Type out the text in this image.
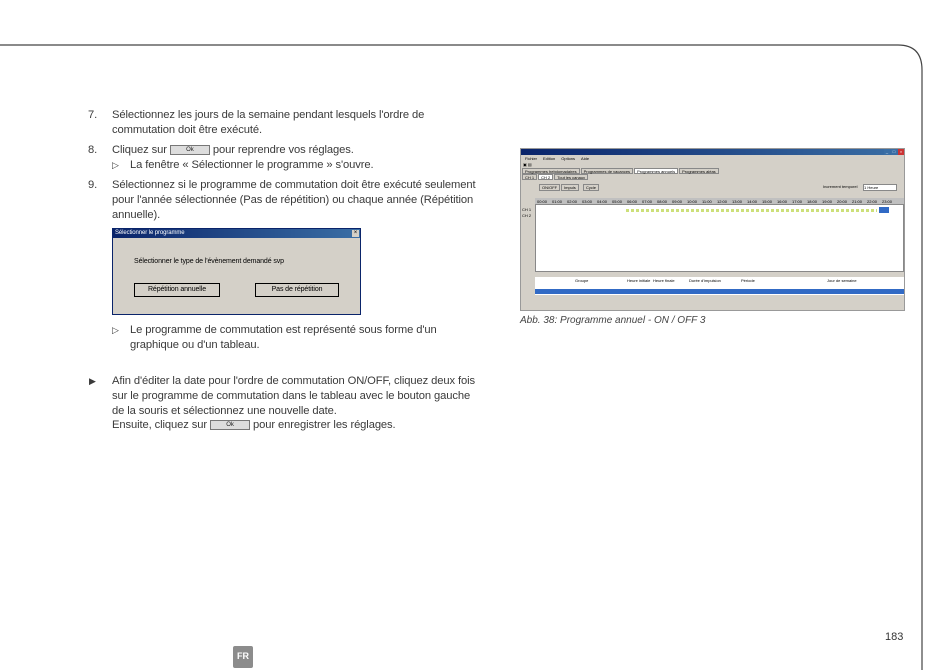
7. Sélectionnez les jours de la semaine pendant lesquels l'ordre de commutation doit être exécuté.
8. Cliquez sur	Ok pour reprendre vos réglages.
▷ La fenêtre « Sélectionner le programme » s'ouvre.
9. Sélectionnez si le programme de commutation doit être exécuté seulement pour l'année sélectionnée (Pas de répétition) ou chaque année (Répétition annuelle).
Sélectionner le programme	×
Sélectionner le type de l'évènement demandé svp
Répétition annuelle	Pas de répétition
▷ Le programme de commutation est représenté sous forme d'un graphique ou d'un tableau.
▶ Afin d'éditer la date pour l'ordre de commutation ON/OFF, cliquez deux fois sur le programme de commutation dans le tableau avec le bouton gauche de la souris et sélectionnez une nouvelle date.
Ensuite, cliquez sur	Ok pour enregistrer les réglages.
_	□	×
Fichier Edition Options Aide
▣ ▤
Programmes hebdomadaires	Programmes de vacances	Programmes annuels	Programmes aléas
CH 1	CH 2	Tout les canaux
ON/OFF	Impuls	Cycle	Increment temporel 1 Heure
00:00 01:00 02:00 03:00 04:00 05:00 06:00 07:00 08:00 09:00 10:00 11:00 12:00 13:00 14:00 15:00 16:00 17:00 18:00 19:00 20:00 21:00 22:00 23:00
CH 1
CH 2
Groupe	Heure initiale Heure finale	Durée d'impulsion	Période	Jour de semaine
Abb. 38: Programme annuel - ON / OFF 3
183
FR
